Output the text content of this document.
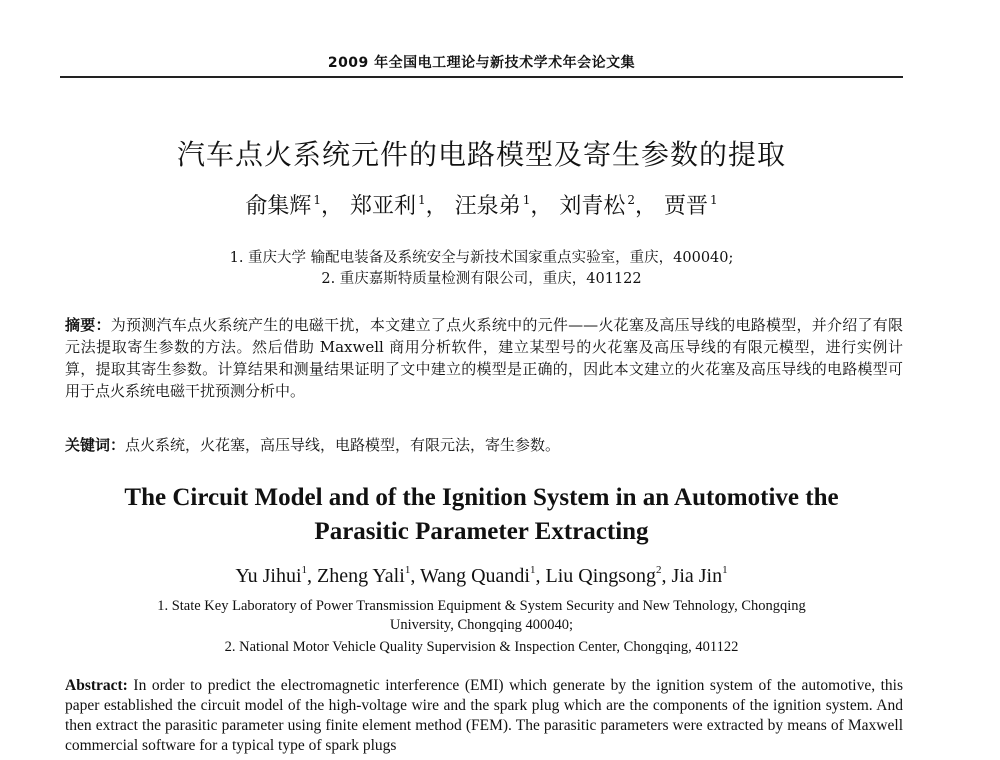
2009 年全国电工理论与新技术学术年会论文集
汽车点火系统元件的电路模型及寄生参数的提取
俞集辉 $^1$， 郑亚利 $^1$， 汪泉弟 $^1$， 刘青松 $^2$， 贾晋 $^1$
1. 重庆大学 输配电装备及系统安全与新技术国家重点实验室，重庆，400040;
2. 重庆嘉斯特质量检测有限公司，重庆，401122
摘要：为预测汽车点火系统产生的电磁干扰，本文建立了点火系统中的元件——火花塞及高压导线的电路模型，并介绍了有限元法提取寄生参数的方法。然后借助 Maxwell 商用分析软件，建立某型号的火花塞及高压导线的有限元模型，进行实例计算，提取其寄生参数。计算结果和测量结果证明了文中建立的模型是正确的，因此本文建立的火花塞及高压导线的电路模型可用于点火系统电磁干扰预测分析中。
关键词：点火系统，火花塞，高压导线，电路模型，有限元法，寄生参数。
The Circuit Model and of the Ignition System in an Automotive the
Parasitic Parameter Extracting
Yu Jihui$^1$, Zheng Yali$^1$, Wang Quandi$^1$, Liu Qingsong$^2$, Jia Jin$^1$
1. State Key Laboratory of Power Transmission Equipment & System Security and New Tehnology, Chongqing
University, Chongqing 400040;
2. National Motor Vehicle Quality Supervision & Inspection Center, Chongqing, 401122
Abstract: In order to predict the electromagnetic interference (EMI) which generate by the ignition system of the automotive, this paper established the circuit model of the high-voltage wire and the spark plug which are the components of the ignition system. And then extract the parasitic parameter using finite element method (FEM). The parasitic parameters were extracted by means of Maxwell commercial software for a typical type of spark plugs
